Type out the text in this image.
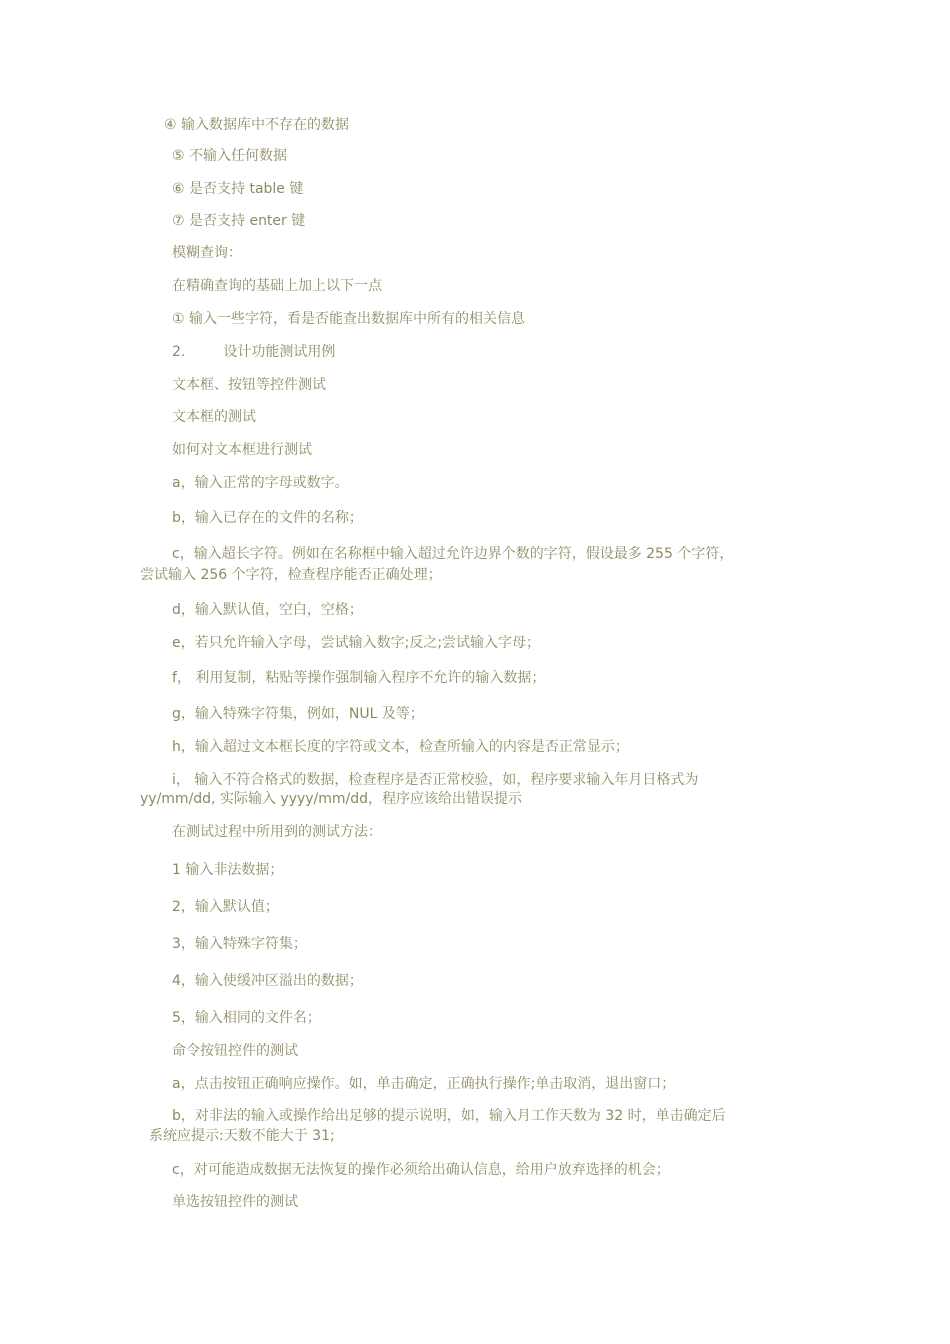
④ 输入数据库中不存在的数据
⑤ 不输入任何数据
⑥ 是否支持 table 键
⑦ 是否支持 enter 键
模糊查询：
在精确查询的基础上加上以下一点
① 输入一些字符，看是否能查出数据库中所有的相关信息
2.	设计功能测试用例
文本框、按钮等控件测试
文本框的测试
如何对文本框进行测试
a，输入正常的字母或数字。
b，输入已存在的文件的名称；
c，输入超长字符。例如在名称框中输入超过允许边界个数的字符，假设最多 255 个字符，
尝试输入 256 个字符，检查程序能否正确处理；
d，输入默认值，空白，空格；
e，若只允许输入字母，尝试输入数字;反之;尝试输入字母；
f， 利用复制，粘贴等操作强制输入程序不允许的输入数据；
g，输入特殊字符集，例如，NUL 及等；
h，输入超过文本框长度的字符或文本，检查所输入的内容是否正常显示；
i， 输入不符合格式的数据，检查程序是否正常校验，如，程序要求输入年月日格式为
yy/mm/dd, 实际输入 yyyy/mm/dd，程序应该给出错误提示
在测试过程中所用到的测试方法：
1 输入非法数据；
2，输入默认值；
3，输入特殊字符集；
4，输入使缓冲区溢出的数据；
5，输入相同的文件名；
命令按钮控件的测试
a，点击按钮正确响应操作。如，单击确定，正确执行操作;单击取消，退出窗口；
b，对非法的输入或操作给出足够的提示说明，如，输入月工作天数为 32 时，单击确定后
系统应提示:天数不能大于 31;
c，对可能造成数据无法恢复的操作必须给出确认信息，给用户放弃选择的机会；
单选按钮控件的测试
